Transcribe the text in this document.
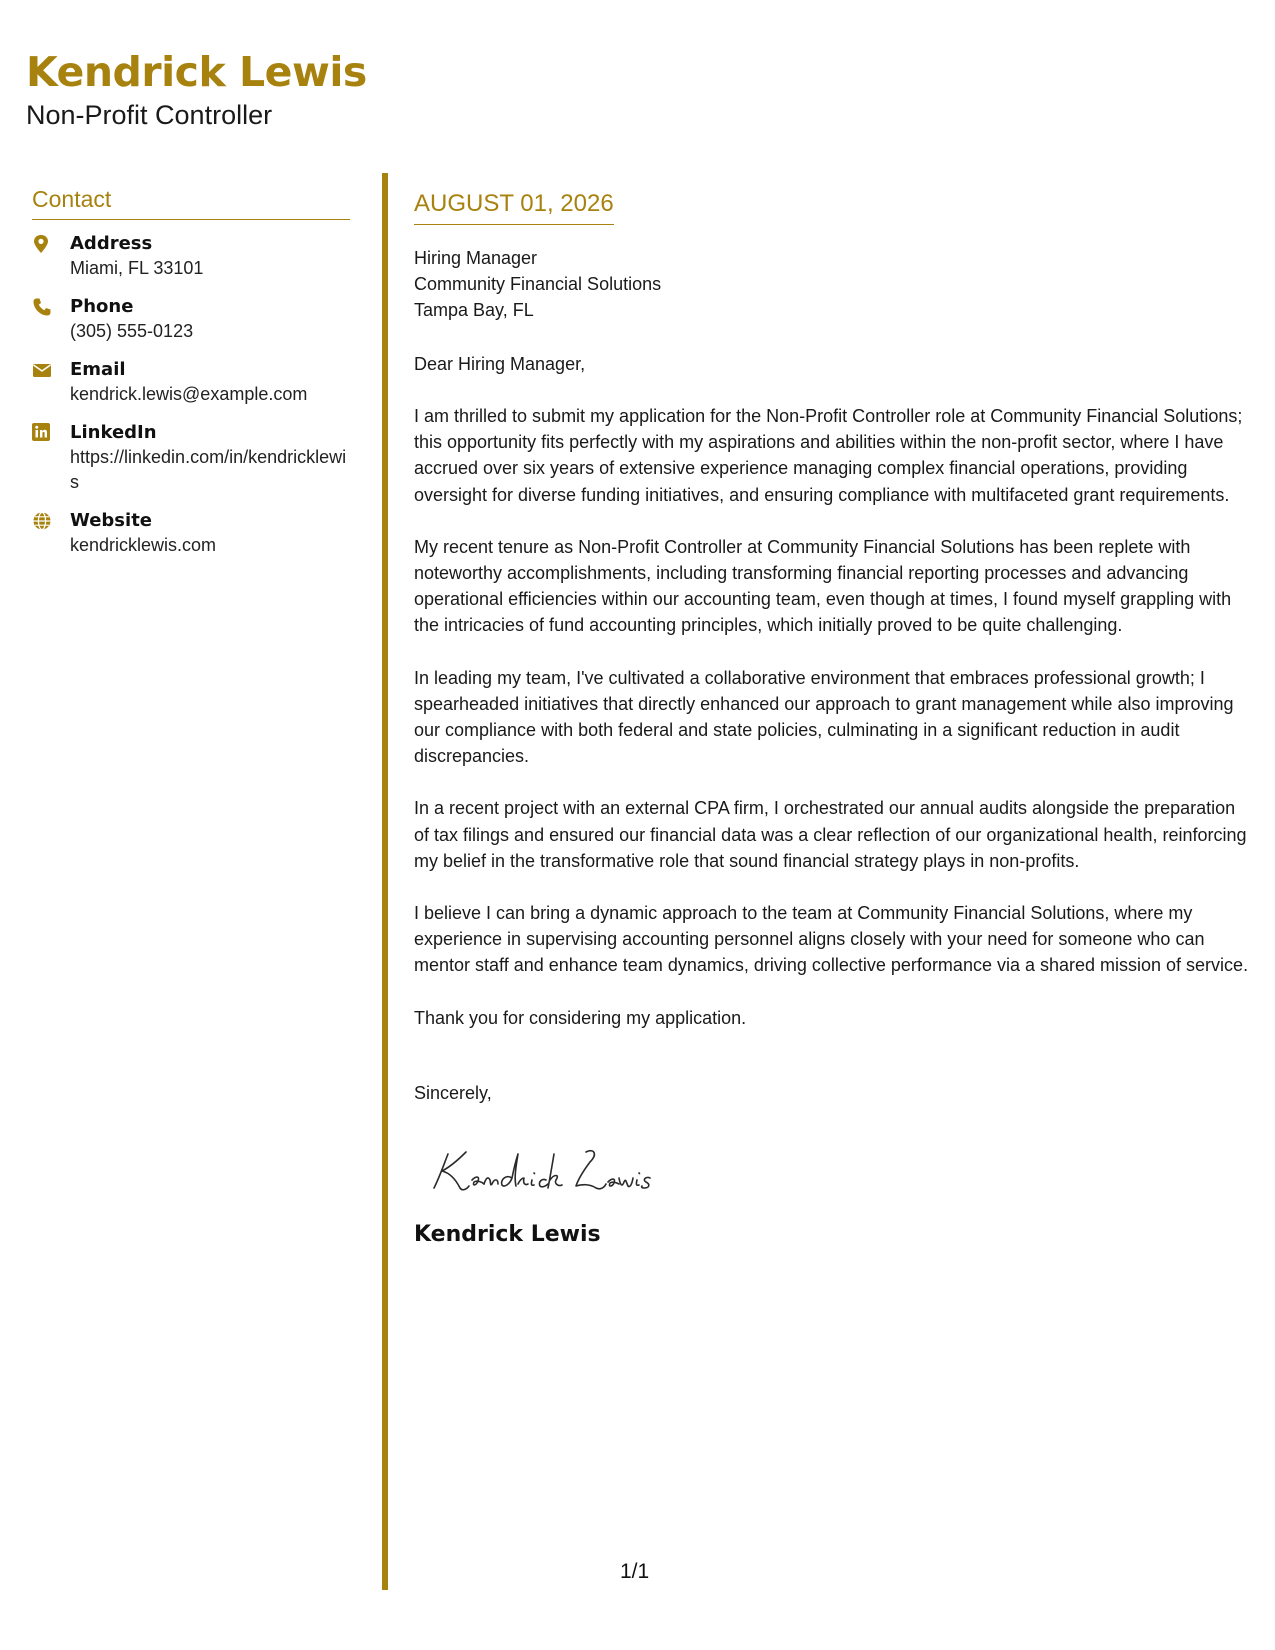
Kendrick Lewis
Non-Profit Controller
Contact
Address
Miami, FL 33101
Phone
(305) 555-0123
Email
kendrick.lewis@example.com
LinkedIn
https://linkedin.com/in/kendricklewis
Website
kendricklewis.com
AUGUST 01, 2026
Hiring Manager
Community Financial Solutions
Tampa Bay, FL
Dear Hiring Manager,

I am thrilled to submit my application for the Non-Profit Controller role at Community Financial Solutions; this opportunity fits perfectly with my aspirations and abilities within the non-profit sector, where I have accrued over six years of extensive experience managing complex financial operations, providing oversight for diverse funding initiatives, and ensuring compliance with multifaceted grant requirements.

My recent tenure as Non-Profit Controller at Community Financial Solutions has been replete with noteworthy accomplishments, including transforming financial reporting processes and advancing operational efficiencies within our accounting team, even though at times, I found myself grappling with the intricacies of fund accounting principles, which initially proved to be quite challenging.

In leading my team, I've cultivated a collaborative environment that embraces professional growth; I spearheaded initiatives that directly enhanced our approach to grant management while also improving our compliance with both federal and state policies, culminating in a significant reduction in audit discrepancies.

In a recent project with an external CPA firm, I orchestrated our annual audits alongside the preparation of tax filings and ensured our financial data was a clear reflection of our organizational health, reinforcing my belief in the transformative role that sound financial strategy plays in non-profits.

I believe I can bring a dynamic approach to the team at Community Financial Solutions, where my experience in supervising accounting personnel aligns closely with your need for someone who can mentor staff and enhance team dynamics, driving collective performance via a shared mission of service.

Thank you for considering my application.

Sincerely,
Kendrick Lewis
1/1
